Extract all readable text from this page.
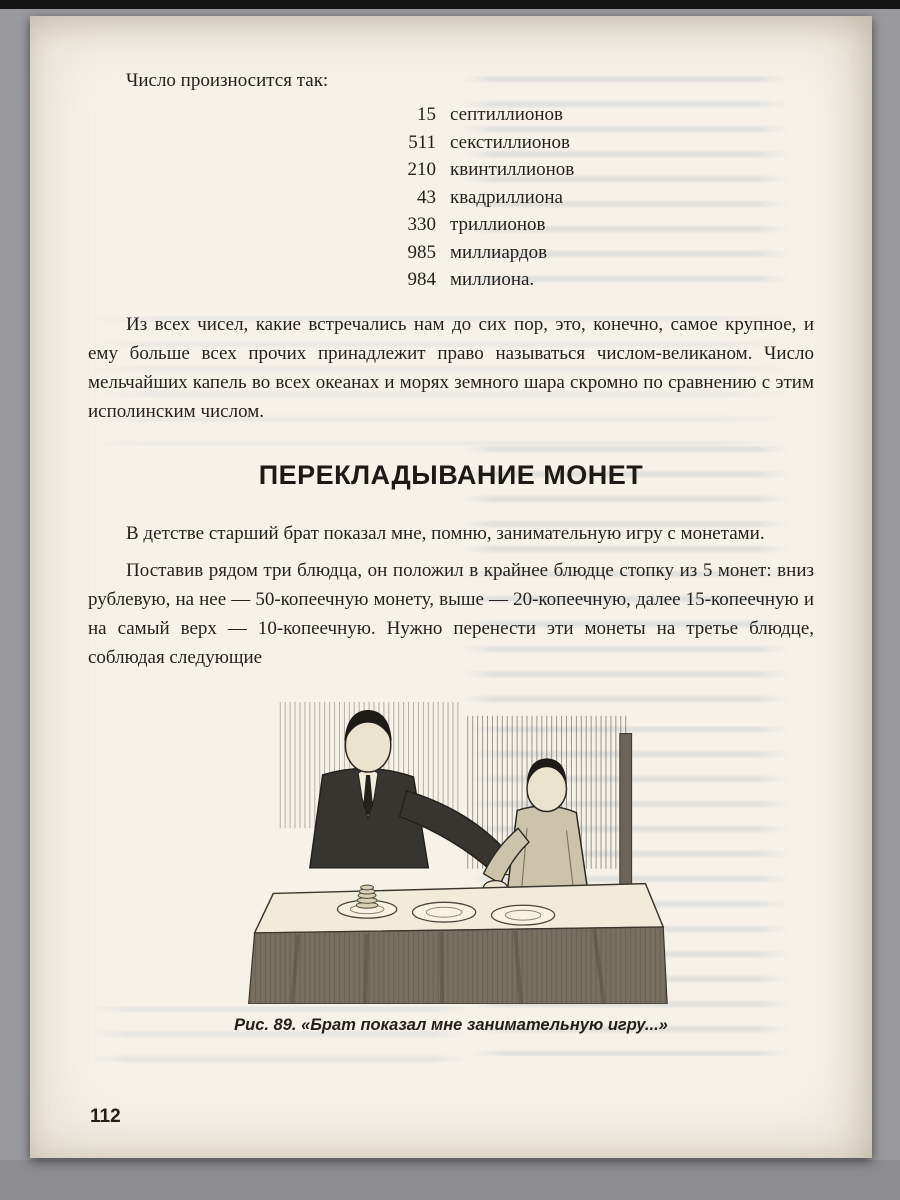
Число произносится так:

15 септиллионов
511 секстиллионов
210 квинтиллионов
43 квадриллиона
330 триллионов
985 миллиардов
984 миллиона.

Из всех чисел, какие встречались нам до сих пор, это, конечно, самое крупное, и ему больше всех прочих принадлежит право называться числом-великаном. Число мельчайших капель во всех океанах и морях земного шара скромно по сравнению с этим исполинским числом.

ПЕРЕКЛАДЫВАНИЕ МОНЕТ

В детстве старший брат показал мне, помню, занимательную игру с монетами.

Поставив рядом три блюдца, он положил в крайнее блюдце стопку из 5 монет: вниз рублевую, на нее — 50-копеечную монету, выше — 20-копеечную, далее 15-копеечную и на самый верх — 10-копеечную. Нужно перенести эти монеты на третье блюдце, соблюдая следующие

Рис. 89. «Брат показал мне занимательную игру...»
112
